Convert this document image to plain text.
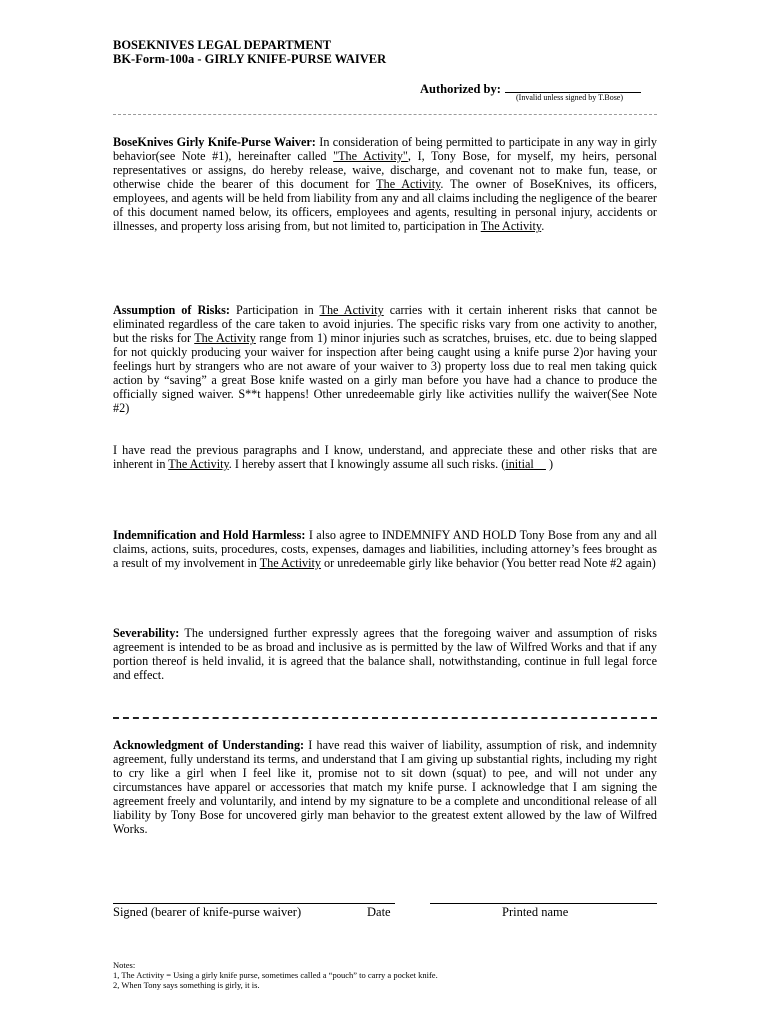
BOSEKNIVES LEGAL DEPARTMENT
BK-Form-100a - GIRLY KNIFE-PURSE WAIVER
Authorized by:
(Invalid unless signed by T.Bose)

BoseKnives Girly Knife-Purse Waiver: In consideration of being permitted to participate in any way in girly behavior(see Note #1), hereinafter called "The Activity", I, Tony Bose, for myself, my heirs, personal representatives or assigns, do hereby release, waive, discharge, and covenant not to make fun, tease, or otherwise chide the bearer of this document for The Activity. The owner of BoseKnives, its officers, employees, and agents will be held from liability from any and all claims including the negligence of the bearer of this document named below, its officers, employees and agents, resulting in personal injury, accidents or illnesses, and property loss arising from, but not limited to, participation in The Activity.

Assumption of Risks: Participation in The Activity carries with it certain inherent risks that cannot be eliminated regardless of the care taken to avoid injuries. The specific risks vary from one activity to another, but the risks for The Activity range from 1) minor injuries such as scratches, bruises, etc. due to being slapped for not quickly producing your waiver for inspection after being caught using a knife purse 2)or having your feelings hurt by strangers who are not aware of your waiver to 3) property loss due to real men taking quick action by “saving” a great Bose knife wasted on a girly man before you have had a chance to produce the officially signed waiver. S**t happens! Other unredeemable girly like activities nullify the waiver(See Note #2)

I have read the previous paragraphs and I know, understand, and appreciate these and other risks that are inherent in The Activity. I hereby assert that I knowingly assume all such risks. (initial     )

Indemnification and Hold Harmless: I also agree to INDEMNIFY AND HOLD Tony Bose from any and all claims, actions, suits, procedures, costs, expenses, damages and liabilities, including attorney’s fees brought as a result of my involvement in The Activity or unredeemable girly like behavior (You better read Note #2 again)

Severability: The undersigned further expressly agrees that the foregoing waiver and assumption of risks agreement is intended to be as broad and inclusive as is permitted by the law of Wilfred Works and that if any portion thereof is held invalid, it is agreed that the balance shall, notwithstanding, continue in full legal force and effect.

Acknowledgment of Understanding: I have read this waiver of liability, assumption of risk, and indemnity agreement, fully understand its terms, and understand that I am giving up substantial rights, including my right to cry like a girl when I feel like it, promise not to sit down (squat) to pee, and will not under any circumstances have apparel or accessories that match my knife purse. I acknowledge that I am signing the agreement freely and voluntarily, and intend by my signature to be a complete and unconditional release of all liability by Tony Bose for uncovered girly man behavior to the greatest extent allowed by the law of Wilfred Works.

Signed (bearer of knife-purse waiver)	Date	Printed name
Notes:
1, The Activity = Using a girly knife purse, sometimes called a “pouch” to carry a pocket knife.
2, When Tony says something is girly, it is.
